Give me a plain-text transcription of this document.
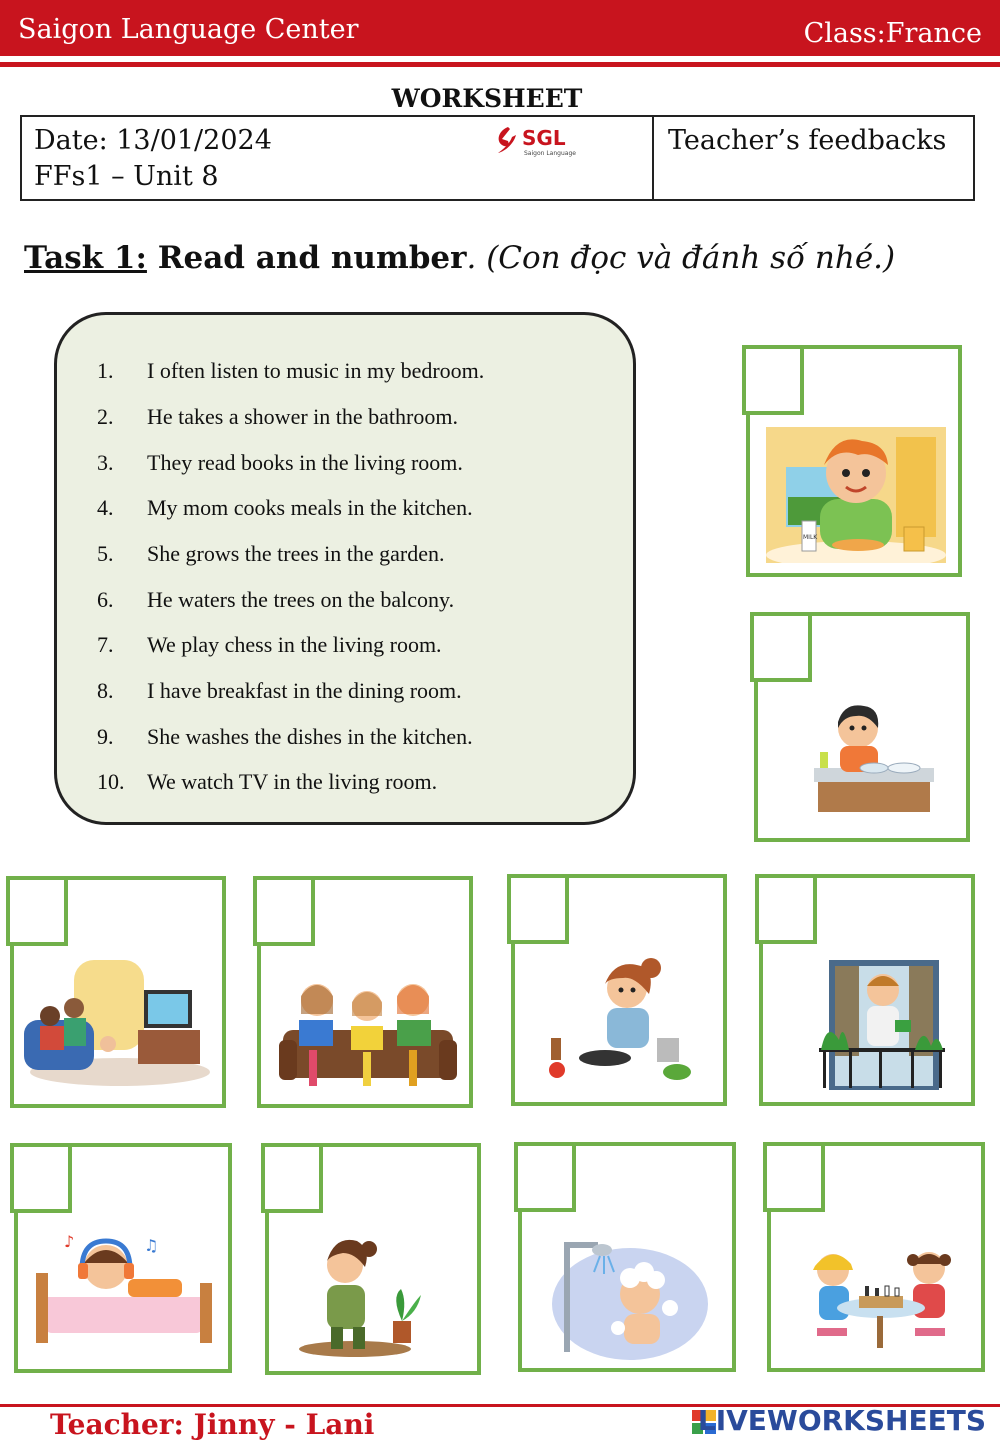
Saigon Language Center	Class:France
WORKSHEET
Date: 13/01/2024
FFs1 – Unit 8
SGL
Saigon Language	Teacher’s feedbacks
Task 1: Read and number. (Con đọc và đánh số nhé.)
1. I often listen to music in my bedroom.
2. He takes a shower in the bathroom.
3. They read books in the living room.
4. My mom cooks meals in the kitchen.
5. She grows the trees in the garden.
6. He waters the trees on the balcony.
7. We play chess in the living room.
8. I have breakfast in the dining room.
9. She washes the dishes in the kitchen.
10. We watch TV in the living room.
MILK
♪	♫
Teacher: Jinny - Lani	LIVEWORKSHEETS
